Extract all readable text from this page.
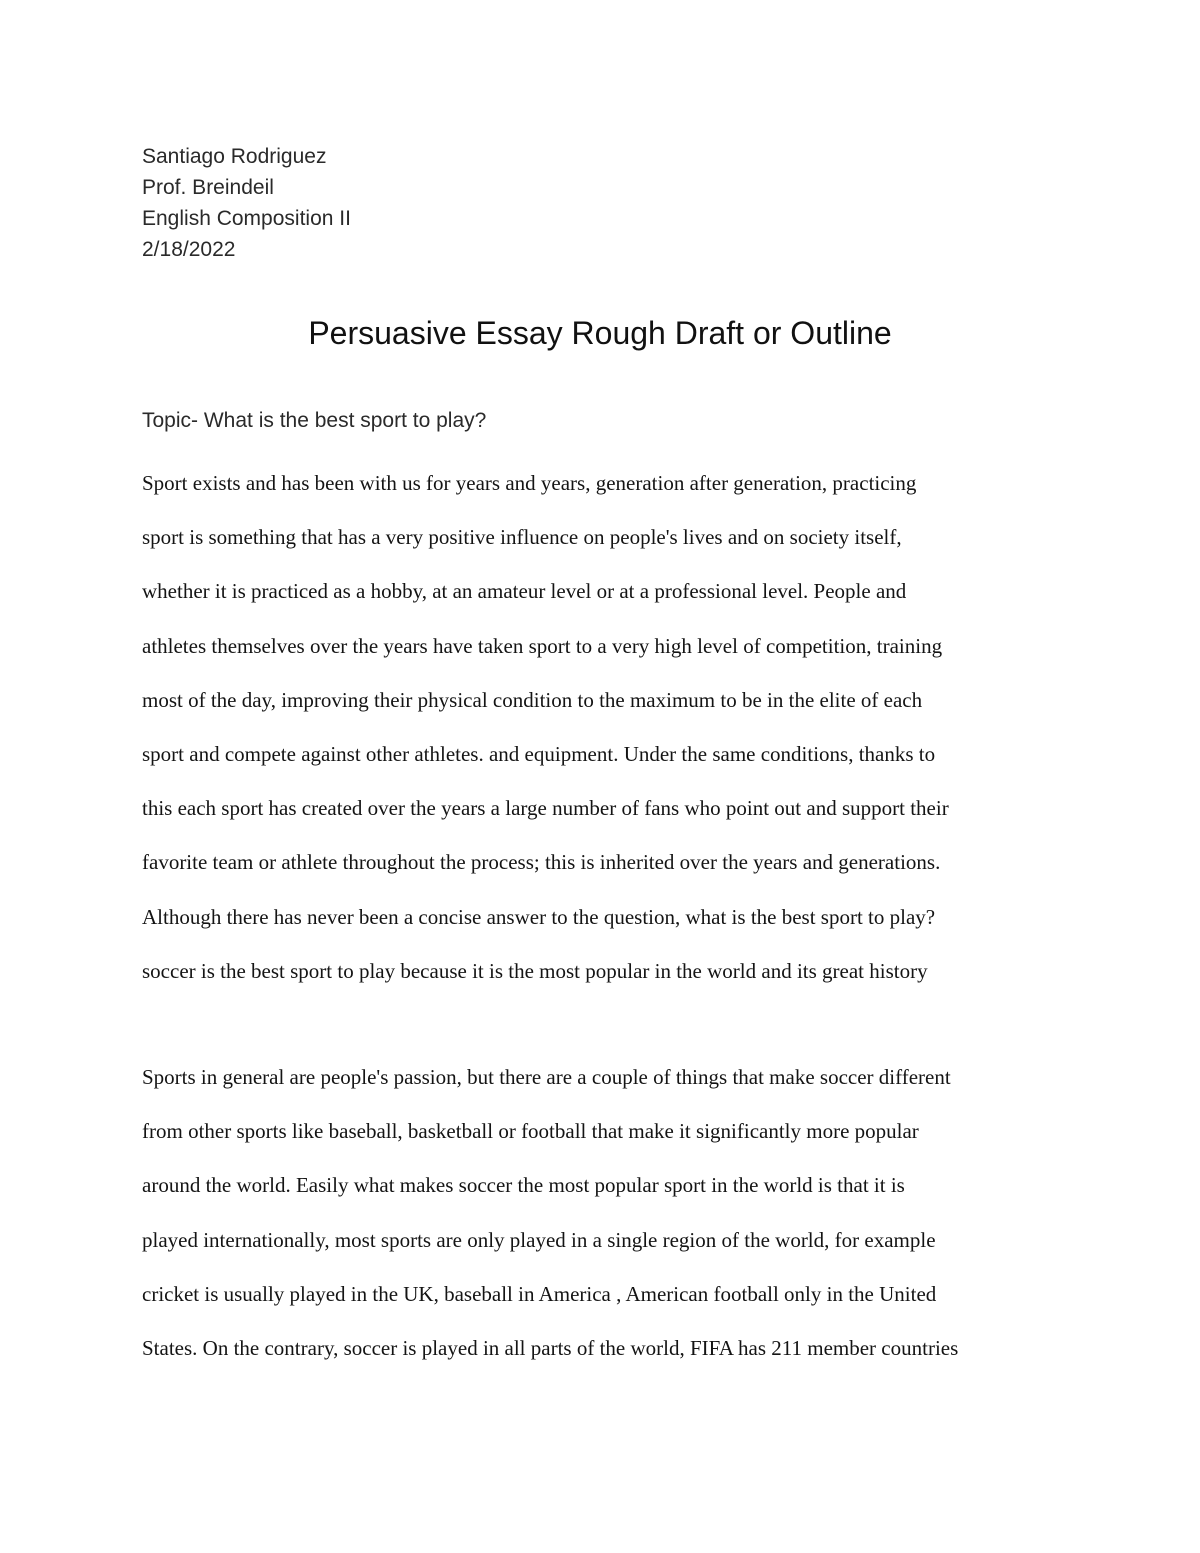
Santiago Rodriguez
Prof. Breindeil
English Composition II
2/18/2022
Persuasive Essay Rough Draft or Outline
Topic- What is the best sport to play?
Sport exists and has been with us for years and years, generation after generation, practicing
sport is something that has a very positive influence on people's lives and on society itself,
whether it is practiced as a hobby, at an amateur level or at a professional level. People and
athletes themselves over the years have taken sport to a very high level of competition, training
most of the day, improving their physical condition to the maximum to be in the elite of each
sport and compete against other athletes. and equipment. Under the same conditions, thanks to
this each sport has created over the years a large number of fans who point out and support their
favorite team or athlete throughout the process; this is inherited over the years and generations.
Although there has never been a concise answer to the question, what is the best sport to play?
soccer is the best sport to play because it is the most popular in the world and its great history
Sports in general are people's passion, but there are a couple of things that make soccer different
from other sports like baseball, basketball or football that make it significantly more popular
around the world. Easily what makes soccer the most popular sport in the world is that it is
played internationally, most sports are only played in a single region of the world, for example
cricket is usually played in the UK, baseball in America , American football only in the United
States. On the contrary, soccer is played in all parts of the world, FIFA has 211 member countries
